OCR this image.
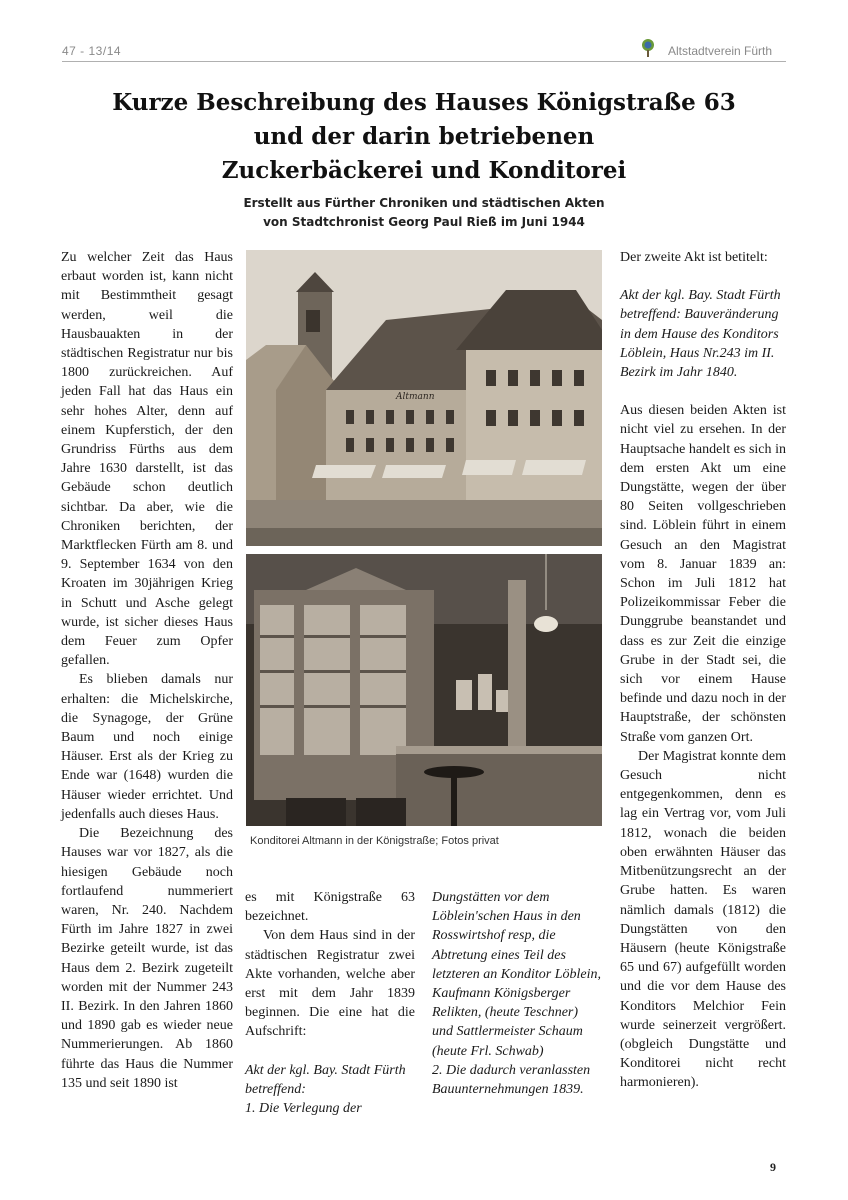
47 - 13/14	Altstadtverein Fürth
Kurze Beschreibung des Hauses Königstraße 63
und der darin betriebenen
Zuckerbäckerei und Konditorei
Erstellt aus Fürther Chroniken und städtischen Akten
von Stadtchronist Georg Paul Rieß im Juni 1944

Zu welcher Zeit das Haus erbaut worden ist, kann nicht mit Bestimmtheit gesagt werden, weil die Hausbauakten in der städtischen Registratur nur bis 1800 zurückreichen. Auf jeden Fall hat das Haus ein sehr hohes Alter, denn auf einem Kupferstich, der den Grundriss Fürths aus dem Jahre 1630 darstellt, ist das Gebäude schon deutlich sichtbar. Da aber, wie die Chroniken berichten, der Marktflecken Fürth am 8. und 9. September 1634 von den Kroaten im 30jährigen Krieg in Schutt und Asche gelegt wurde, ist sicher dieses Haus dem Feuer zum Opfer gefallen.

Es blieben damals nur erhalten: die Michelskirche, die Synagoge, der Grüne Baum und noch einige Häuser. Erst als der Krieg zu Ende war (1648) wurden die Häuser wieder errichtet. Und jedenfalls auch dieses Haus.

Die Bezeichnung des Hauses war vor 1827, als die hiesigen Gebäude noch fortlaufend nummeriert waren, Nr. 240. Nachdem Fürth im Jahre 1827 in zwei Bezirke geteilt wurde, ist das Haus dem 2. Bezirk zugeteilt worden mit der Nummer 243 II. Bezirk. In den Jahren 1860 und 1890 gab es wieder neue Nummerierungen. Ab 1860 führte das Haus die Nummer 135 und seit 1890 ist

Altmann
Konditorei Altmann in der Königstraße; Fotos privat

es mit Königstraße 63 bezeichnet.

Von dem Haus sind in der städtischen Registratur zwei Akte vorhanden, welche aber erst mit dem Jahr 1839 beginnen. Die eine hat die Aufschrift:

Akt der kgl. Bay. Stadt Fürth betreffend:

1. Die Verlegung der

Dungstätten vor dem Löblein'schen Haus in den Rosswirtshof resp, die Abtretung eines Teil des letzteren an Konditor Löblein, Kaufmann Königsberger Relikten, (heute Teschner) und Sattlermeister Schaum (heute Frl. Schwab)

2. Die dadurch veranlassten Bauunternehmungen 1839.

Der zweite Akt ist betitelt:

Akt der kgl. Bay. Stadt Fürth betreffend: Bauveränderung in dem Hause des Konditors Löblein, Haus Nr.243 im II. Bezirk im Jahr 1840.

Aus diesen beiden Akten ist nicht viel zu ersehen. In der Hauptsache handelt es sich in dem ersten Akt um eine Dungstätte, wegen der über 80 Seiten vollgeschrieben sind. Löblein führt in einem Gesuch an den Magistrat vom 8. Januar 1839 an: Schon im Juli 1812 hat Polizeikommissar Feber die Dunggrube beanstandet und dass es zur Zeit die einzige Grube in der Stadt sei, die sich vor einem Hause befinde und dazu noch in der Hauptstraße, der schönsten Straße vom ganzen Ort.

Der Magistrat konnte dem Gesuch nicht entgegenkommen, denn es lag ein Vertrag vor, vom Juli 1812, wonach die beiden oben erwähnten Häuser das Mitbenützungsrecht an der Grube hatten. Es waren nämlich damals (1812) die Dungstätten von den Häusern (heute Königstraße 65 und 67) aufgefüllt worden und die vor dem Hause des Konditors Melchior Fein wurde seinerzeit vergrößert. (obgleich Dungstätte und Konditorei nicht recht harmonieren).

9
